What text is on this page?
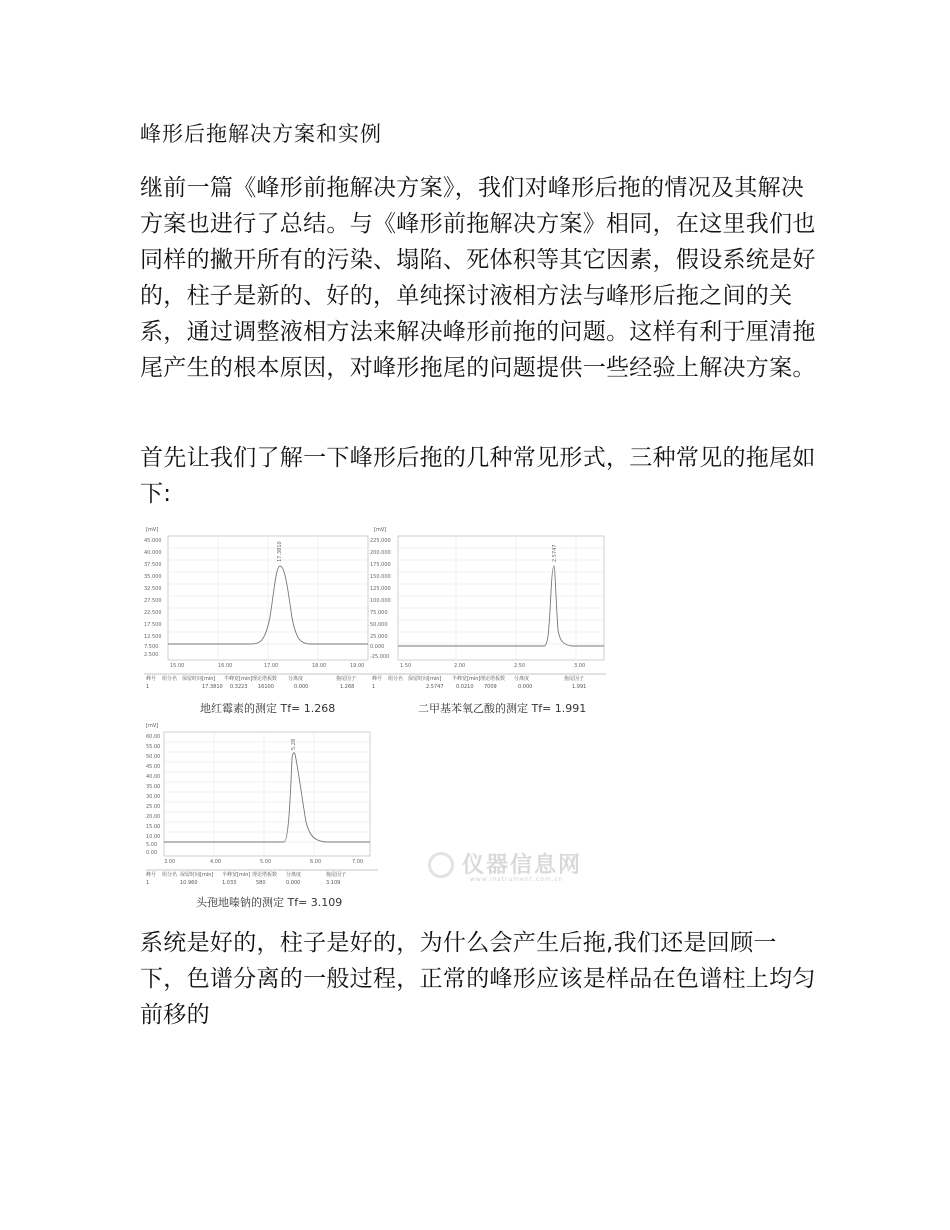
峰形后拖解决方案和实例
继前一篇《峰形前拖解决方案》，我们对峰形后拖的情况及其解决方案也进行了总结。与《峰形前拖解决方案》相同，在这里我们也同样的撇开所有的污染、塌陷、死体积等其它因素，假设系统是好的，柱子是新的、好的，单纯探讨液相方法与峰形后拖之间的关系，通过调整液相方法来解决峰形前拖的问题。这样有利于厘清拖尾产生的根本原因，对峰形拖尾的问题提供一些经验上解决方案。
首先让我们了解一下峰形后拖的几种常见形式，三种常见的拖尾如下:
[mV]
45.000
40.000
37.500
35.000
32.500
27.500
22.500
17.500
12.500
7.500
2.500
17.3810
15.00	16.00	17.00	18.00	19.00
峰号 组分名 保留时间[min] 半峰宽[min] 理论塔板数 分离度	拖尾因子
1	17.3810 0.3223 16100	0.000	1.268
地红霉素的测定 Tf= 1.268
[mV]
225.000
200.000
175.000
150.000
125.000
100.000
75.000
50.000
25.000
0.000
-25.000
2.5747
1.50	2.00	2.50	3.00
峰号 组分名 保留时间[min] 半峰宽[min] 理论塔板数 分离度	拖尾因子
1	2.5747	0.0210 7009	0.000	1.991
二甲基苯氧乙酸的测定 Tf= 1.991
[mV]
60.00
55.00
50.00
45.00
40.00
35.00
30.00
25.00
20.00
15.00
10.00
5.00
0.00
5.28
3.00	4.00	5.00	6.00	7.00
峰号 组分名 保留时间[min] 半峰宽[min] 理论塔板数 分离度	拖尾因子
1	10.960	1.033	580	0.000	3.109
头孢地嗪钠的测定 Tf= 3.109
仪器信息网
www.instrument.com.cn
系统是好的，柱子是好的，为什么会产生后拖,我们还是回顾一下，色谱分离的一般过程，正常的峰形应该是样品在色谱柱上均匀前移的
